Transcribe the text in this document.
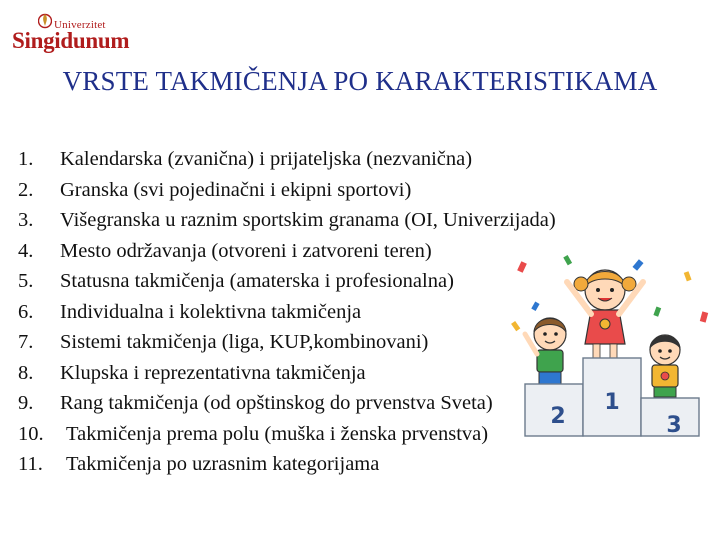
Univerzitet
Singidunum
VRSTE TAKMIČENJA PO KARAKTERISTIKAMA
1. Kalendarska (zvanična) i prijateljska (nezvanična)
2. Granska (svi pojedinačni i ekipni sportovi)
3. Višegranska u raznim sportskim granama (OI, Univerzijada)
4. Mesto održavanja (otvoreni i zatvoreni teren)
5. Statusna takmičenja (amaterska i profesionalna)
6. Individualna i kolektivna takmičenja
7. Sistemi takmičenja (liga, KUP,kombinovani)
8. Klupska i reprezentativna takmičenja
9. Rang takmičenja (od opštinskog do prvenstva Sveta)
10. Takmičenja prema polu (muška i ženska prvenstva)
11. Takmičenja po uzrasnim kategorijama
2
1
3
